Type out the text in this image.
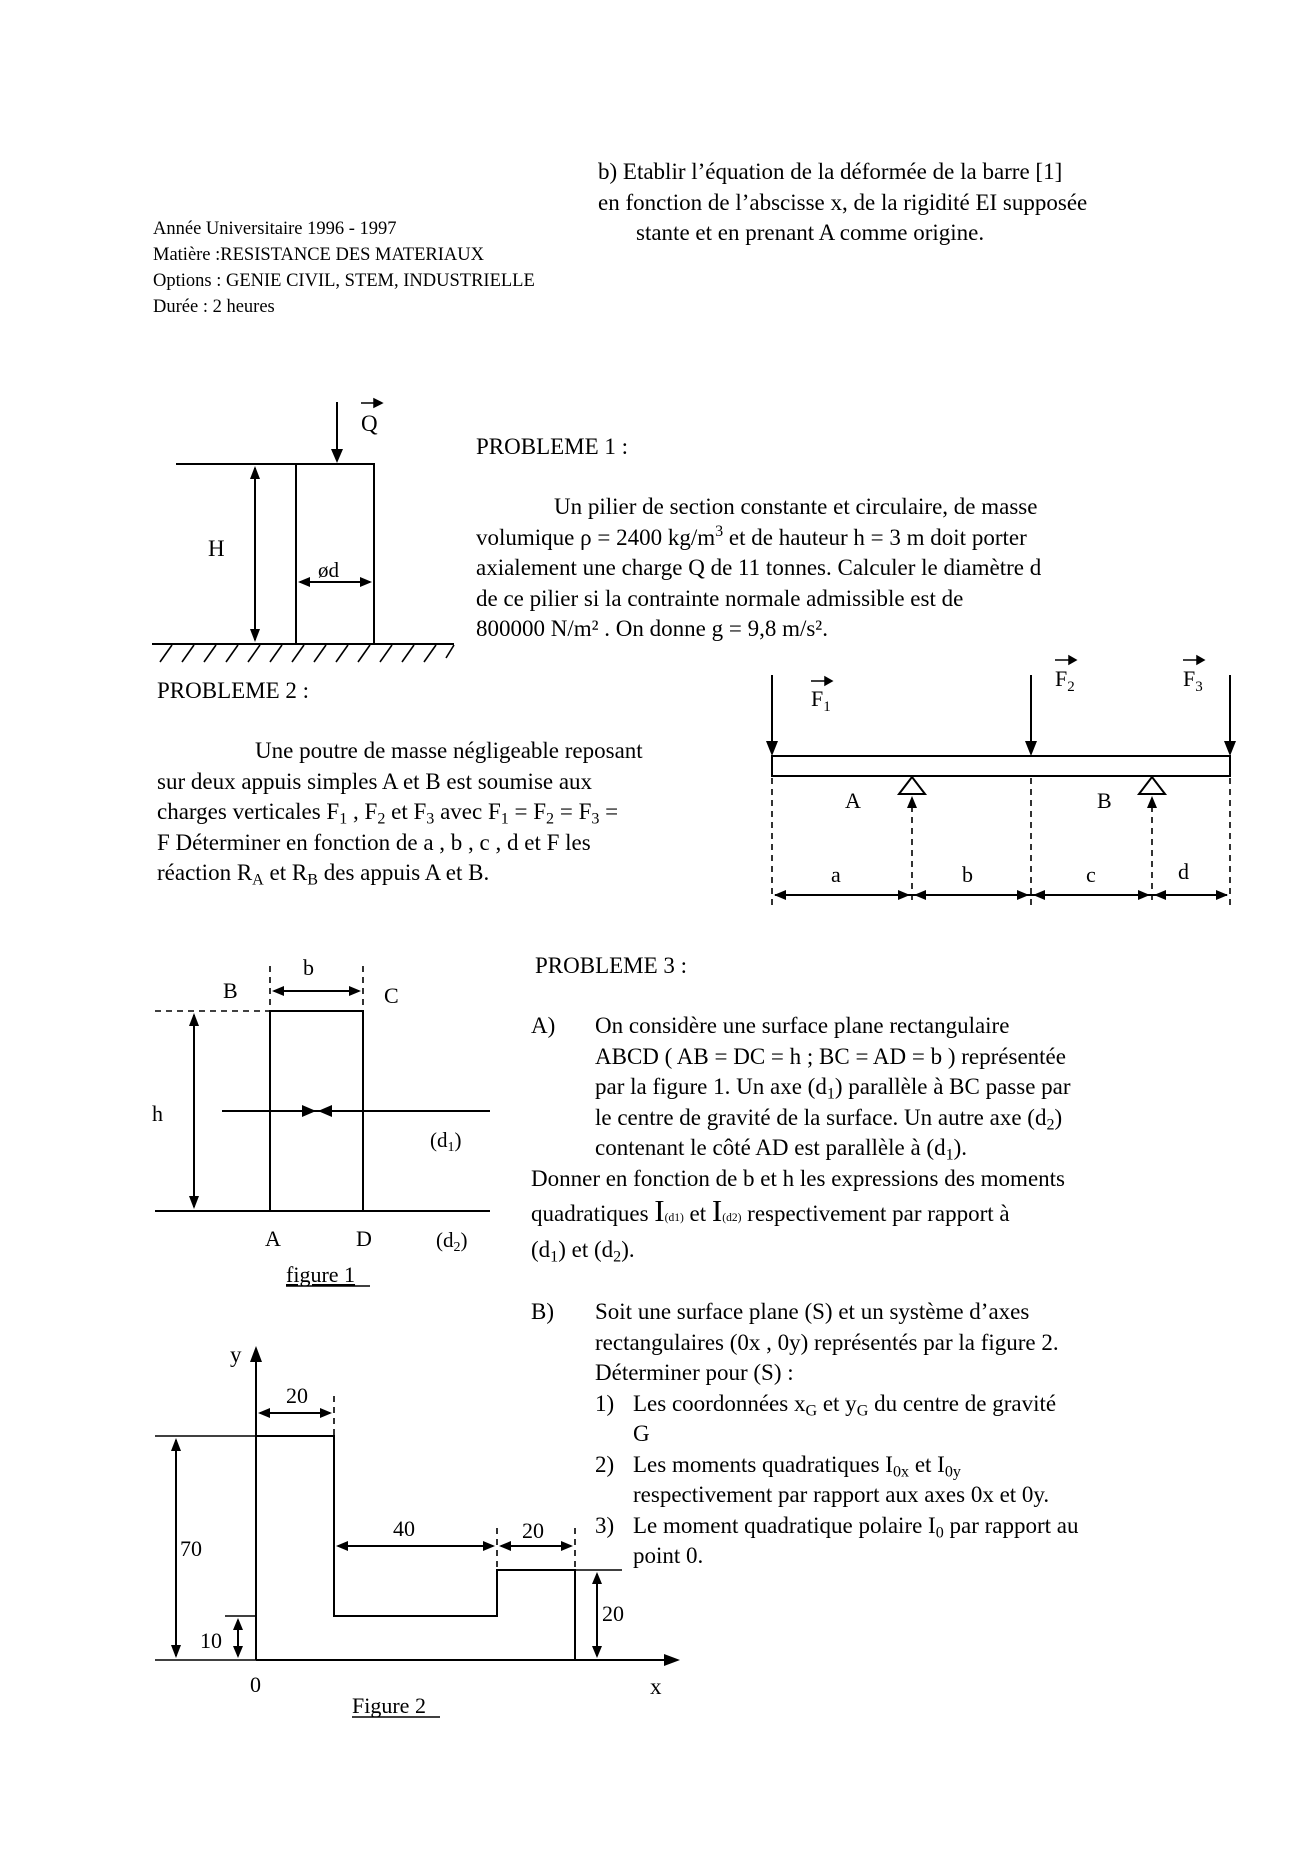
b) Etablir l’équation de la déformée de la barre [1]
en fonction de l’abscisse x, de la rigidité EI supposée
stante et en prenant A comme origine.
Année Universitaire 1996 - 1997
Matière :RESISTANCE DES MATERIAUX
Options : GENIE CIVIL, STEM, INDUSTRIELLE
Durée : 2 heures
PROBLEME 1 :
Un pilier de section constante et circulaire, de masse
volumique ρ = 2400 $kg/m^3$ et de hauteur h = 3 m doit porter
axialement une charge Q de 11 tonnes. Calculer le diamètre d
de ce pilier si la contrainte normale admissible est de
800000 N/m² . On donne g = 9,8 m/s².
Q
H
ød
PROBLEME 2 :
Une poutre de masse négligeable reposant
sur deux appuis simples A et B est soumise aux
charges verticales $F_1$ , $F_2$ et $F_3$ avec $F_1 = F_2 = F_3$ =
F Déterminer en fonction de a , b , c , d et F les
réaction $R_A$ et $R_B$ des appuis A et B.
$F_1$
$F_2$	$F_3$
A	B
a	b	c	d
PROBLEME 3 :
A) On considère une surface plane rectangulaire
ABCD ( AB = DC = h ; BC = AD = b ) représentée
par la figure 1. Un axe $(d_1)$ parallèle à BC passe par
le centre de gravité de la surface. Un autre axe $(d_2)$
contenant le côté AD est parallèle à $(d_1)$.
Donner en fonction de b et h les expressions des moments
quadratiques I(d1) et I(d2) respectivement par rapport à
$(d_1)$ et $(d_2)$.
B) Soit une surface plane (S) et un système d’axes
rectangulaires (0x , 0y) représentés par la figure 2.
Déterminer pour (S) :
1) Les coordonnées $x_G$ et $y_G$ du centre de gravité
G
2) Les moments quadratiques $I_{0x}$ et $I_{0y}$
respectivement par rapport aux axes 0x et 0y.
3) Le moment quadratique polaire $I_0$ par rapport au
point 0.
B	C
A	D
b
h
(d1)
(d2)
figure 1
y
x
0
20
40	20
70
10
20
Figure 2
